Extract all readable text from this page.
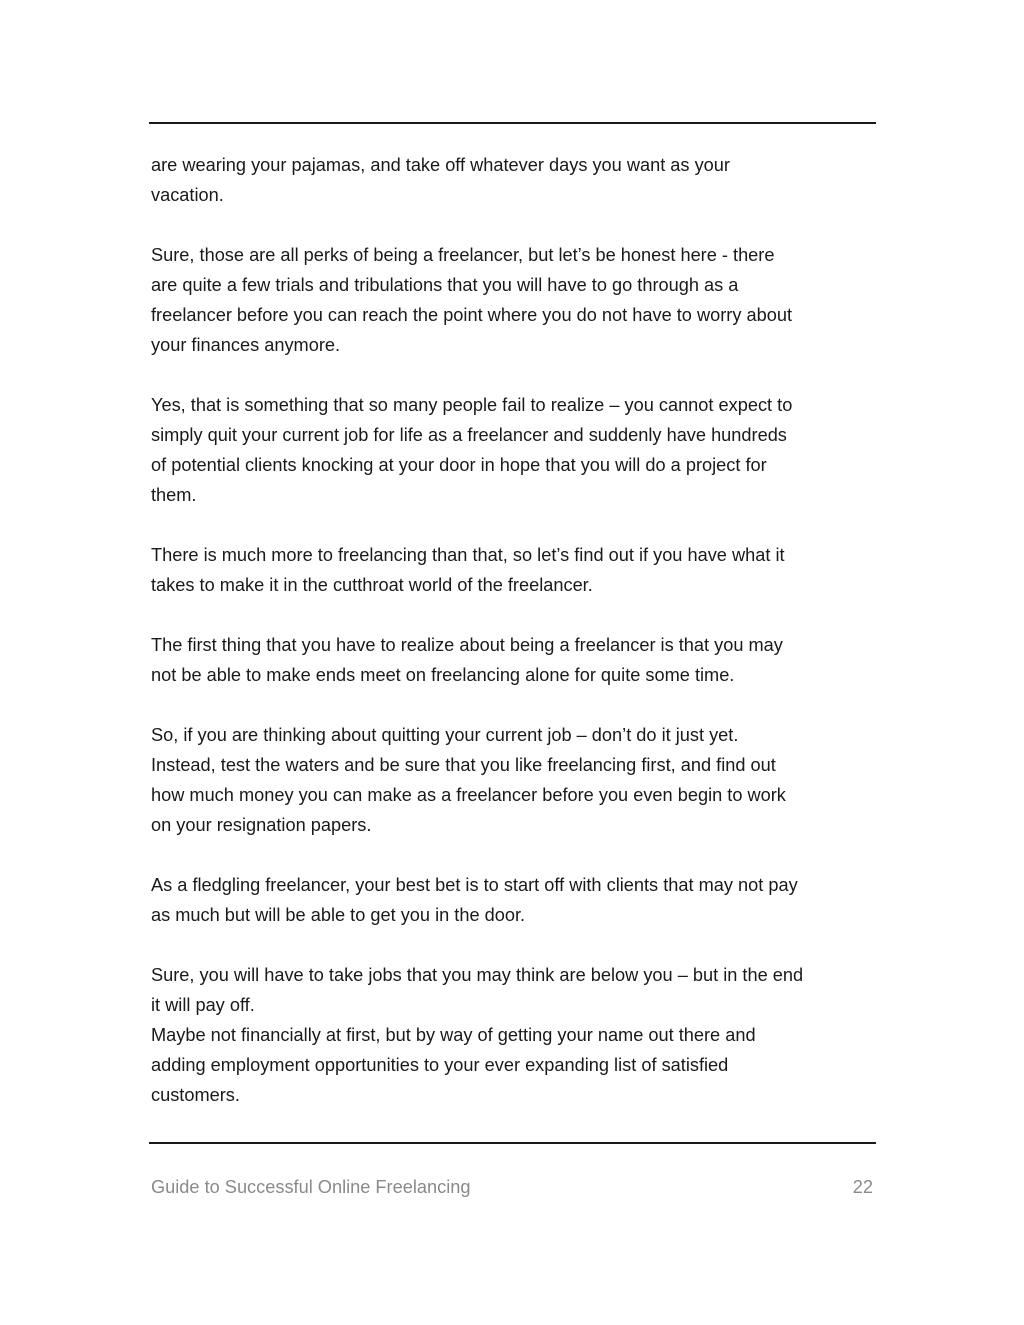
are wearing your pajamas, and take off whatever days you want as your
vacation.

Sure, those are all perks of being a freelancer, but let’s be honest here - there
are quite a few trials and tribulations that you will have to go through as a
freelancer before you can reach the point where you do not have to worry about
your finances anymore.

Yes, that is something that so many people fail to realize – you cannot expect to
simply quit your current job for life as a freelancer and suddenly have hundreds
of potential clients knocking at your door in hope that you will do a project for
them.

There is much more to freelancing than that, so let’s find out if you have what it
takes to make it in the cutthroat world of the freelancer.

The first thing that you have to realize about being a freelancer is that you may
not be able to make ends meet on freelancing alone for quite some time.

So, if you are thinking about quitting your current job – don’t do it just yet.
Instead, test the waters and be sure that you like freelancing first, and find out
how much money you can make as a freelancer before you even begin to work
on your resignation papers.

As a fledgling freelancer, your best bet is to start off with clients that may not pay
as much but will be able to get you in the door.

Sure, you will have to take jobs that you may think are below you – but in the end
it will pay off.

Maybe not financially at first, but by way of getting your name out there and
adding employment opportunities to your ever expanding list of satisfied
customers.

Guide to Successful Online Freelancing	22
